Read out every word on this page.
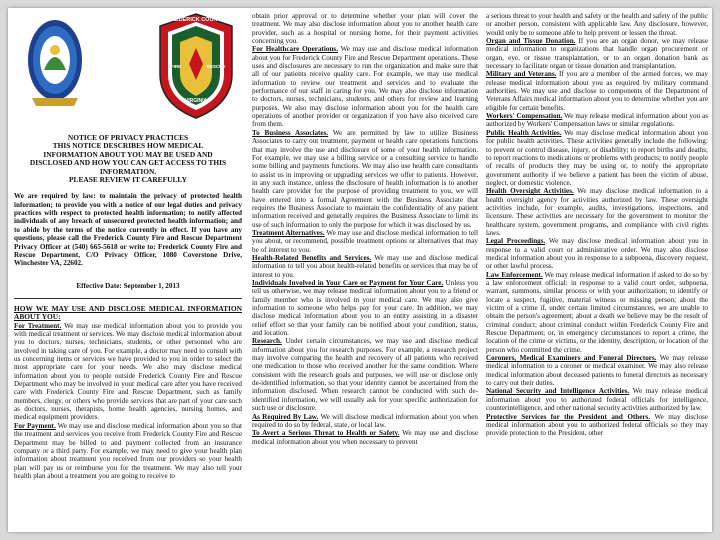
FREDERICK COUNTY
FIRE	RESCUE
VIRGINIA
NOTICE OF PRIVACY PRACTICES
THIS NOTICE DESCRIBES HOW MEDICAL
INFORMATION ABOUT YOU MAY BE USED AND
DISCLOSED AND HOW YOU CAN GET ACCESS TO THIS
INFORMATION.
PLEASE REVIEW IT CAREFULLY

We are required by law: to maintain the privacy of protected health information; to provide you with a notice of our legal duties and privacy practices with respect to protected health information; to notify affected individuals of any breach of unsecured protected health information; and to abide by the terms of the notice currently in effect. If you have any questions, please call the Frederick County Fire and Rescue Department Privacy Officer at (540) 665-5618 or write to: Frederick County Fire and Rescue Department, C/O Privacy Officer, 1080 Coverstone Drive, Winchester VA, 22602.

Effective Date: September 1, 2013
HOW WE MAY USE AND DISCLOSE MEDICAL INFORMATION ABOUT YOU:

For Treatment. We may use medical information about you to provide you with medical treatment or services. We may disclose medical information about you to doctors, nurses, technicians, students, or other personnel who are involved in taking care of you. For example, a doctor may need to consult with us concerning items or services we have provided to you in order to select the most appropriate care for your needs. We also may disclose medical information about you to people outside Frederick County Fire and Rescue Department who may be involved in your medical care after you have received care with Frederick County Fire and Rescue Department, such as family members, clergy, or others who provide services that are part of your care such as doctors, nurses, therapists, home health agencies, nursing homes, and medical equipment providers.

For Payment. We may use and disclose medical information about you so that the treatment and services you receive from Frederick County Fire and Rescue Department may be billed to and payment collected from an insurance company or a third party. For example, we may need to give your health plan information about treatment you received from our providers so your health plan will pay us or reimburse you for the treatment. We may also tell your health plan about a treatment you are going to receive to

obtain prior approval or to determine whether your plan will cover the treatment. We may also disclose information about you to another health care provider, such as a hospital or nursing home, for their payment activities concerning you.

For Healthcare Operations. We may use and disclose medical information about you for Frederick County Fire and Rescue Department operations. These uses and disclosures are necessary to run the organization and make sure that all of our patients receive quality care. For example, we may use medical information to review our treatment and services and to evaluate the performance of our staff in caring for you. We may also disclose information to doctors, nurses, technicians, students, and others for review and learning purposes. We also may disclose information about you for the health care operations of another provider or organization if you have also received care from them.

To Business Associates. We are permitted by law to utilize Business Associates to carry out treatment, payment or health care operations functions that may involve the use and disclosure of some of your health information. For example, we may use a billing service or a consulting service to handle some billing and payments functions. We may also use health care consultants to assist us in improving or upgrading services we offer to patients. However, in any such instance, unless the disclosure of health information is to another health care provider for the purpose of providing treatment to you, we will have entered into a formal Agreement with the Business Associate that requires the Business Associate to maintain the confidentiality of any patient information received and generally requires the Business Associate to limit its use of such information to only the purpose for which it was disclosed by us.

Treatment Alternatives. We may use and disclose medical information to tell you about, or recommend, possible treatment options or alternatives that may be of interest to you.

Health-Related Benefits and Services. We may use and disclose medical information to tell you about health-related benefits or services that may be of interest to you.

Individuals Involved in Your Care or Payment for Your Care. Unless you tell us otherwise, we may release medical information about you to a friend or family member who is involved in your medical care. We may also give information to someone who helps pay for your care. In addition, we may disclose medical information about you to an entity assisting in a disaster relief effort so that your family can be notified about your condition, status, and location.

Research. Under certain circumstances, we may use and disclose medical information about you for research purposes. For example, a research project may involve comparing the health and recovery of all patients who received one medication to those who received another for the same condition. Where consistent with the research goals and purposes, we will use or disclose only de-identified information, so that your identity cannot be ascertained from the information disclosed. When research cannot be conducted with such de-identified information, we will usually ask for your specific authorization for such use or disclosure.

As Required By Law. We will disclose medical information about you when required to do so by federal, state, or local law.

To Avert a Serious Threat to Health or Safety. We may use and disclose medical information about you when necessary to prevent

a serious threat to your health and safety or the health and safety of the public or another person, consistent with applicable law. Any disclosure, however, would only be to someone able to help prevent or lessen the threat.

Organ and Tissue Donation. If you are an organ donor, we may release medical information to organizations that handle organ procurement or organ, eye, or tissue transplantation, or to an organ donation bank as necessary to facilitate organ or tissue donation and transplantation.

Military and Veterans. If you are a member of the armed forces, we may release medical information about you as required by military command authorities. We may use and disclose to components of the Department of Veterans Affairs medical information about you to determine whether you are eligible for certain benefits.

Workers' Compensation. We may release medical information about you as authorized by Workers' Compensation laws or similar regulations.

Public Health Activities. We may disclose medical information about you for public health activities. These activities generally include the following: to prevent or control disease, injury, or disability; to report births and deaths; to report reactions to medications or problems with products; to notify people of recalls of products they may be using or, to notify the appropriate government authority if we believe a patient has been the victim of abuse, neglect, or domestic violence.

Health Oversight Activities. We may disclose medical information to a health oversight agency for activities authorized by law. These oversight activities include, for example, audits, investigations, inspections, and licensure. These activities are necessary for the government to monitor the healthcare system, government programs, and compliance with civil rights laws.

Legal Proceedings. We may disclose medical information about you in response to a valid court or administrative order. We may also disclose medical information about you in response to a subpoena, discovery request, or other lawful process.

Law Enforcement. We may release medical information if asked to do so by a law enforcement official: in response to a valid court order, subpoena, warrant, summons, similar process or with your authorization; to identify or locate a suspect, fugitive, material witness or missing person; about the victim of a crime if, under certain limited circumstances, we are unable to obtain the person's agreement; about a death we believe may be the result of criminal conduct; about criminal conduct within Frederick County Fire and Rescue Department; or, in emergency circumstances to report a crime, the location of the crime or victims, or the identity, description, or location of the person who committed the crime.

Coroners, Medical Examiners and Funeral Directors. We may release medical information to a coroner or medical examiner. We may also release medical information about deceased patients to funeral directors as necessary to carry out their duties.

National Security and Intelligence Activities. We may release medical information about you to authorized federal officials for intelligence, counterintelligence, and other national security activities authorized by law.

Protective Services for the President and Others. We may disclose medical information about you to authorized federal officials so they may provide protection to the President, other
